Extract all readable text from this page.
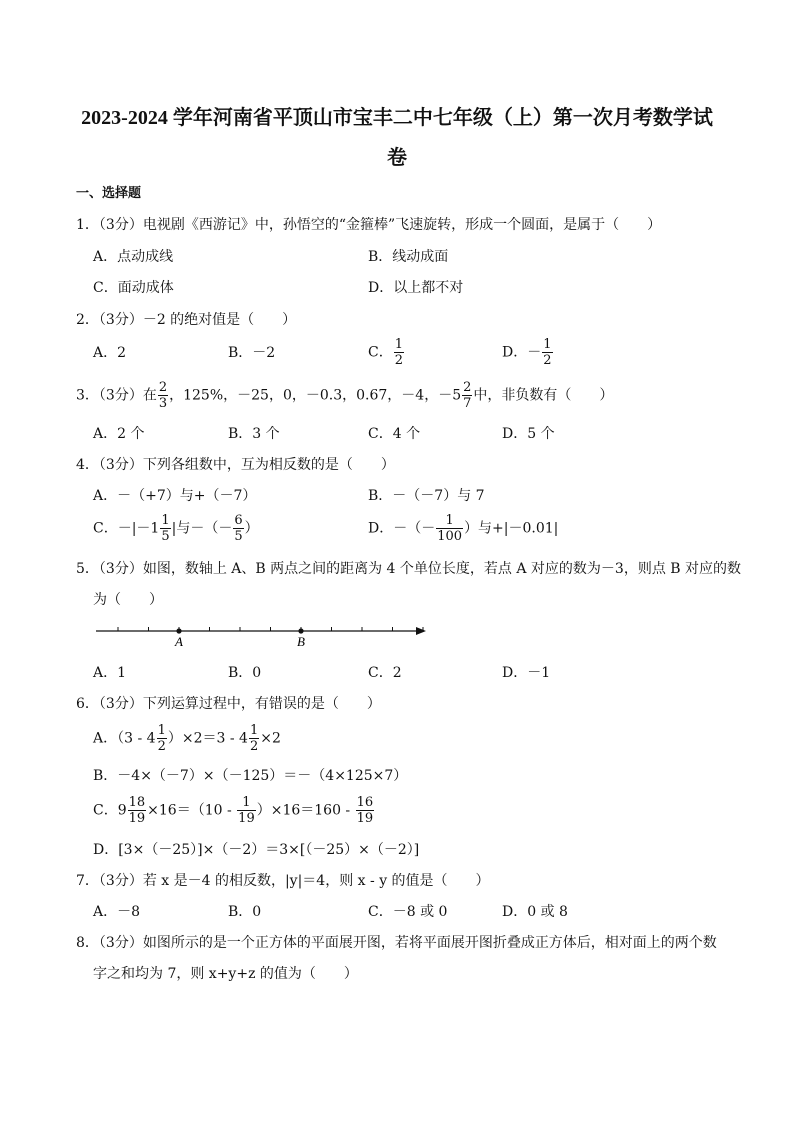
2023-2024 学年河南省平顶山市宝丰二中七年级（上）第一次月考数学试
卷
一、选择题
1．（3分）电视剧《西游记》中，孙悟空的“金箍棒”飞速旋转，形成一个圆面，是属于（　　）
A．点动成线	B．线动成面
C．面动成体	D．以上都不对
2．（3分）－2 的绝对值是（　　）
A．2	B．－2	C． $\frac{1}{2}$	D．－ $\frac{1}{2}$
3．（3分）在 $\frac{2}{3}$ ，125%，－25，0，－0.3，0.67，－4，$-5 \frac{2}{7}$ 中，非负数有（　　）
A．2 个	B．3 个	C．4 个	D．5 个
4．（3分）下列各组数中，互为相反数的是（　　）
A．－（+7）与+（－7）	B．－（－7）与 7
C．$-|-1 \frac{1}{5}$ |与－（－ $\frac{6}{5}$ ）	D．－（－ $\frac{1}{100}$ ）与+|－0.01|
5．（3分）如图，数轴上 A、B 两点之间的距离为 4 个单位长度，若点 A 对应的数为－3，则点 B 对应的数
为（　　）
A	B
A．1	B．0	C．2	D．－1
6．（3分）下列运算过程中，有错误的是（　　）
A．$(3 - 4 \frac{1}{2} )\times 2=3 - 4 \frac{1}{2} \times 2$
B．－4×（－7）×（－125）＝－（4×125×7）
C．$9 \frac{18}{19} \times 16=(10 - \frac{1}{19} )\times 16=160 - \frac{16}{19}$
D．[3×（－25）]×（－2）＝3×[（－25）×（－2）]
7．（3分）若 x 是－4 的相反数，|y|＝4，则 x - y 的值是（　　）
A．－8	B．0	C．－8 或 0	D．0 或 8
8．（3分）如图所示的是一个正方体的平面展开图，若将平面展开图折叠成正方体后，相对面上的两个数
字之和均为 7，则 x+y+z 的值为（　　）
